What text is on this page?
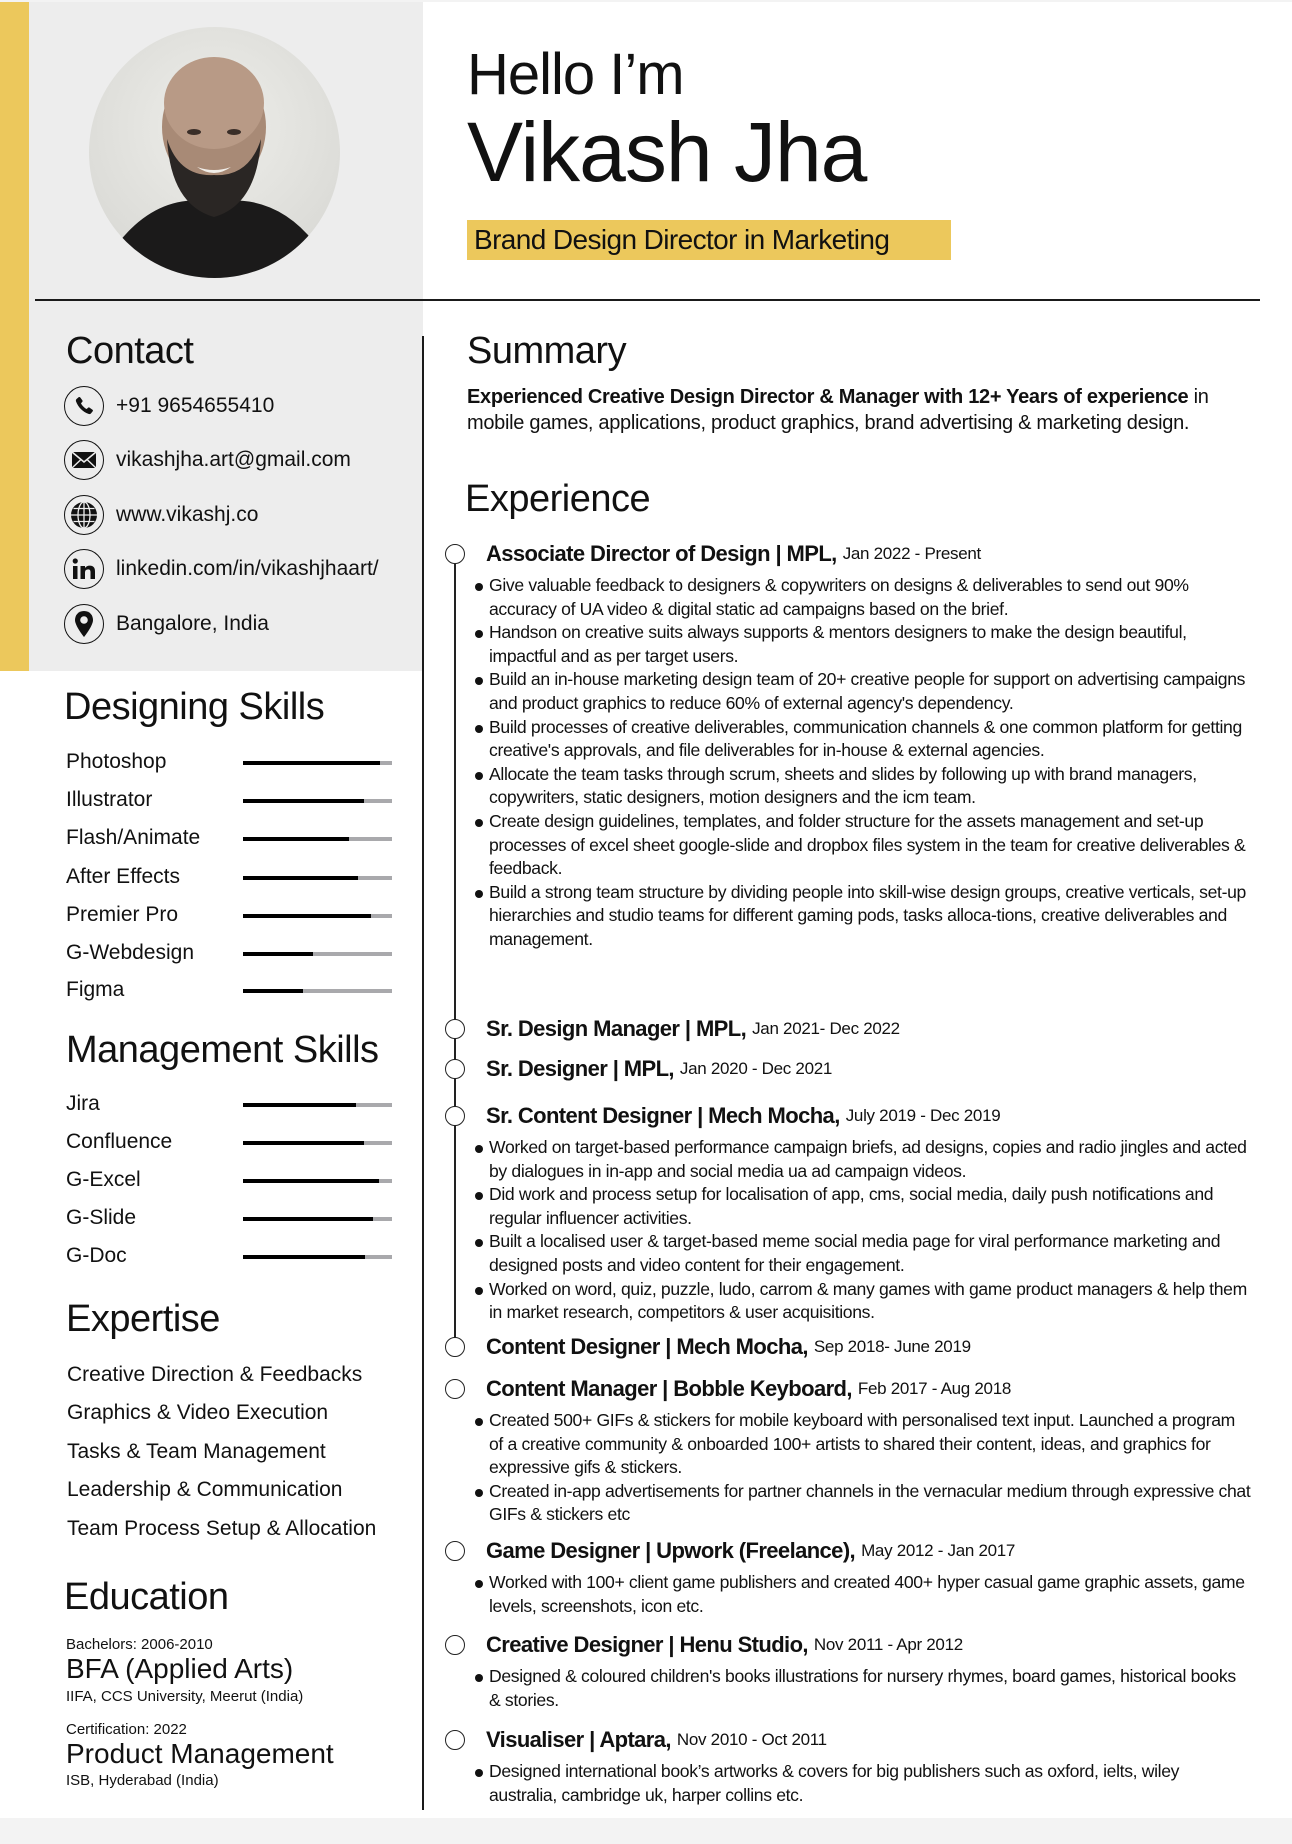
Hello I’m
Vikash Jha
Brand Design Director in Marketing
Contact
+91 9654655410
vikashjha.art@gmail.com
www.vikashj.co
linkedin.com/in/vikashjhaart/
Bangalore, India
Designing Skills
Photoshop
Illustrator
Flash/Animate
After Effects
Premier Pro
G-Webdesign
Figma
Management Skills
Jira
Confluence
G-Excel
G-Slide
G-Doc
Expertise
Creative Direction & Feedbacks
Graphics & Video Execution
Tasks & Team Management
Leadership & Communication
Team Process Setup & Allocation
Education
Bachelors: 2006-2010
BFA (Applied Arts)
IIFA, CCS University, Meerut (India)
Certification: 2022
Product Management
ISB, Hyderabad (India)
Summary
Experienced Creative Design Director & Manager with 12+ Years of experience in mobile games, applications, product graphics, brand advertising & marketing design.
Experience
Associate Director of Design | MPL, Jan 2022 - Present
Give valuable feedback to designers & copywriters on designs & deliverables to send out 90% accuracy of UA video & digital static ad campaigns based on the brief.
Handson on creative suits always supports & mentors designers to make the design beautiful, impactful and as per target users.
Build an in-house marketing design team of 20+ creative people for support on advertising campaigns and product graphics to reduce 60% of external agency's dependency.
Build processes of creative deliverables, communication channels & one common platform for getting creative's approvals, and file deliverables for in-house & external agencies.
Allocate the team tasks through scrum, sheets and slides by following up with brand managers, copywriters, static designers, motion designers and the icm team.
Create design guidelines, templates, and folder structure for the assets management and set-up processes of excel sheet google-slide and dropbox files system in the team for creative deliverables & feedback.
Build a strong team structure by dividing people into skill-wise design groups, creative verticals, set-up hierarchies and studio teams for different gaming pods, tasks alloca-tions, creative deliverables and management.
Sr. Design Manager | MPL, Jan 2021- Dec 2022
Sr. Designer | MPL, Jan 2020 - Dec 2021
Sr. Content Designer | Mech Mocha, July 2019 - Dec 2019
Worked on target-based performance campaign briefs, ad designs, copies and radio jingles and acted by dialogues in in-app and social media ua ad campaign videos.
Did work and process setup for localisation of app, cms, social media, daily push notifications and regular influencer activities.
Built a localised user & target-based meme social media page for viral performance marketing and designed posts and video content for their engagement.
Worked on word, quiz, puzzle, ludo, carrom & many games with game product managers & help them in market research, competitors & user acquisitions.
Content Designer | Mech Mocha, Sep 2018- June 2019
Content Manager | Bobble Keyboard, Feb 2017 - Aug 2018
Created 500+ GIFs & stickers for mobile keyboard with personalised text input. Launched a program of a creative community & onboarded 100+ artists to shared their content, ideas, and graphics for expressive gifs & stickers.
Created in-app advertisements for partner channels in the vernacular medium through expressive chat GIFs & stickers etc
Game Designer | Upwork (Freelance), May 2012 - Jan 2017
Worked with 100+ client game publishers and created 400+ hyper casual game graphic assets, game levels, screenshots, icon etc.
Creative Designer | Henu Studio, Nov 2011 - Apr 2012
Designed & coloured children's books illustrations for nursery rhymes, board games, historical books & stories.
Visualiser | Aptara, Nov 2010 - Oct 2011
Designed international book’s artworks & covers for big publishers such as oxford, ielts, wiley australia, cambridge uk, harper collins etc.
